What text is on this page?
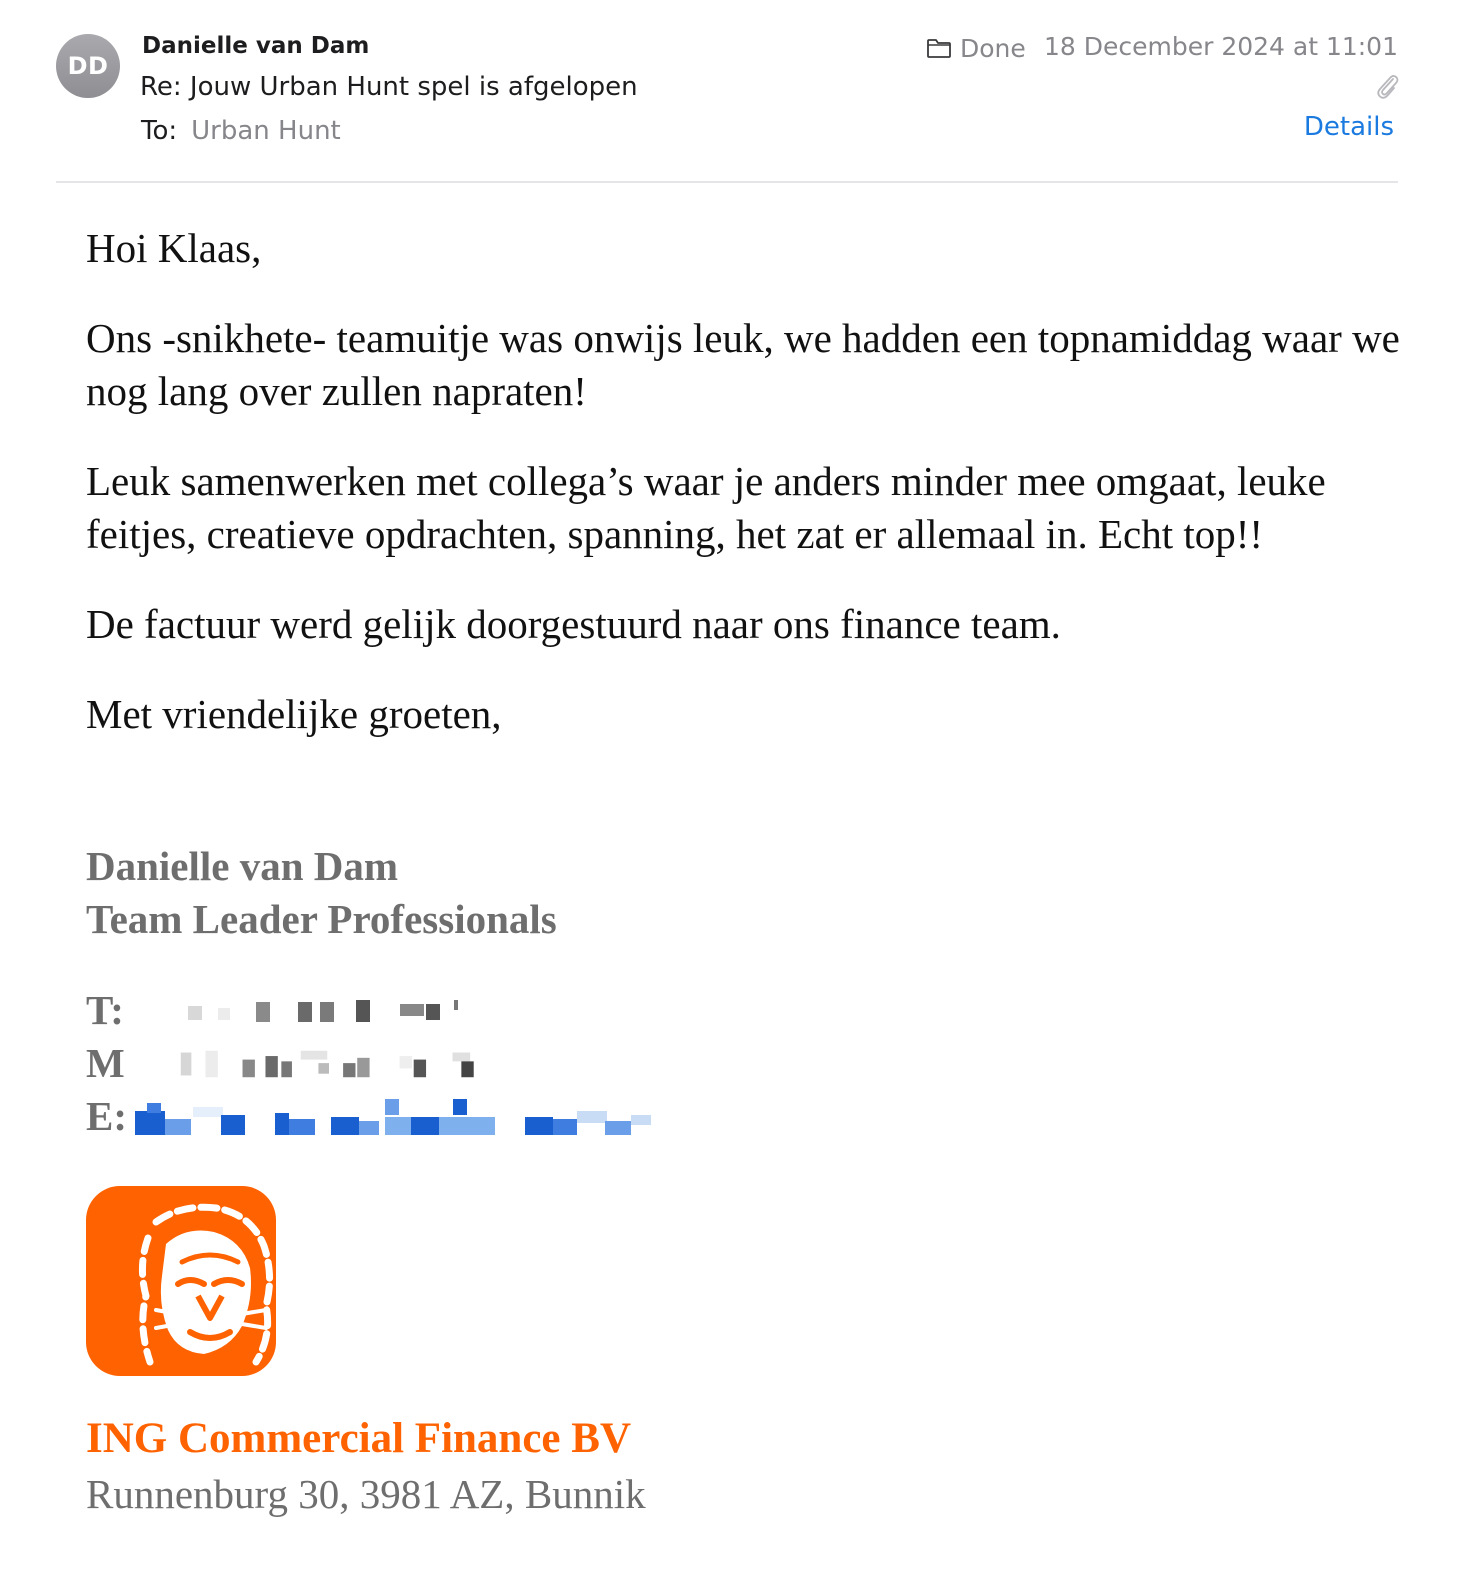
DD
Danielle van Dam
Re: Jouw Urban Hunt spel is afgelopen
To: Urban Hunt
Done 18 December 2024 at 11:01
Details

Hoi Klaas,

Ons -snikhete- teamuitje was onwijs leuk, we hadden een topnamiddag waar we nog lang over zullen napraten!

Leuk samenwerken met collega’s waar je anders minder mee omgaat, leuke feitjes, creatieve opdrachten, spanning, het zat er allemaal in. Echt top!!

De factuur werd gelijk doorgestuurd naar ons finance team.

Met vriendelijke groeten,

Danielle van Dam
Team Leader Professionals
T:
M
E:
ING Commercial Finance BV
Runnenburg 30, 3981 AZ, Bunnik
